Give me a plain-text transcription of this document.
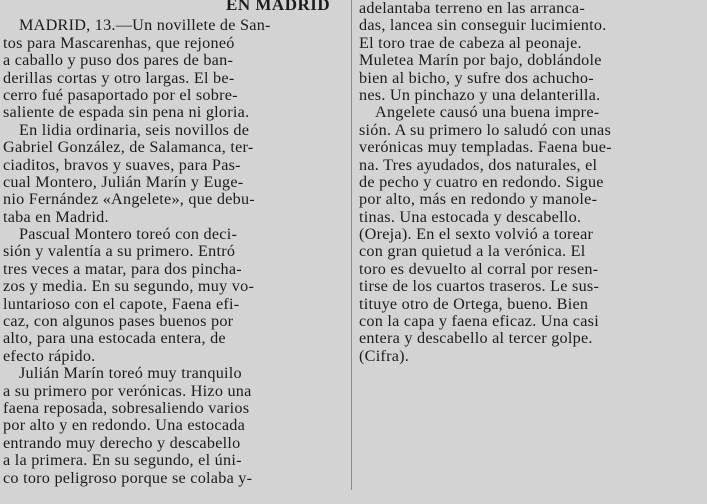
EN MADRID
MADRID, 13.—Un novillete de San-
tos para Mascarenhas, que rejoneó
a caballo y puso dos pares de ban-
derillas cortas y otro largas. El be-
cerro fué pasaportado por el sobre-
saliente de espada sin pena ni gloria.
En lidia ordinaria, seis novillos de
Gabriel González, de Salamanca, ter-
ciaditos, bravos y suaves, para Pas-
cual Montero, Julián Marín y Euge-
nio Fernández «Angelete», que debu-
taba en Madrid.
Pascual Montero toreó con deci-
sión y valentía a su primero. Entró
tres veces a matar, para dos pincha-
zos y media. En su segundo, muy vo-
luntarioso con el capote, Faena efi-
caz, con algunos pases buenos por
alto, para una estocada entera, de
efecto rápido.
Julián Marín toreó muy tranquilo
a su primero por verónicas. Hizo una
faena reposada, sobresaliendo varios
por alto y en redondo. Una estocada
entrando muy derecho y descabello
a la primera. En su segundo, el úni-
co toro peligroso porque se colaba y-
adelantaba terreno en las arranca-
das, lancea sin conseguir lucimiento.
El toro trae de cabeza al peonaje.
Muletea Marín por bajo, doblándole
bien al bicho, y sufre dos achucho-
nes. Un pinchazo y una delanterilla.
Angelete causó una buena impre-
sión. A su primero lo saludó con unas
verónicas muy templadas. Faena bue-
na. Tres ayudados, dos naturales, el
de pecho y cuatro en redondo. Sigue
por alto, más en redondo y manole-
tinas. Una estocada y descabello.
(Oreja). En el sexto volvió a torear
con gran quietud a la verónica. El
toro es devuelto al corral por resen-
tirse de los cuartos traseros. Le sus-
tituye otro de Ortega, bueno. Bien
con la capa y faena eficaz. Una casi
entera y descabello al tercer golpe.
(Cifra).
